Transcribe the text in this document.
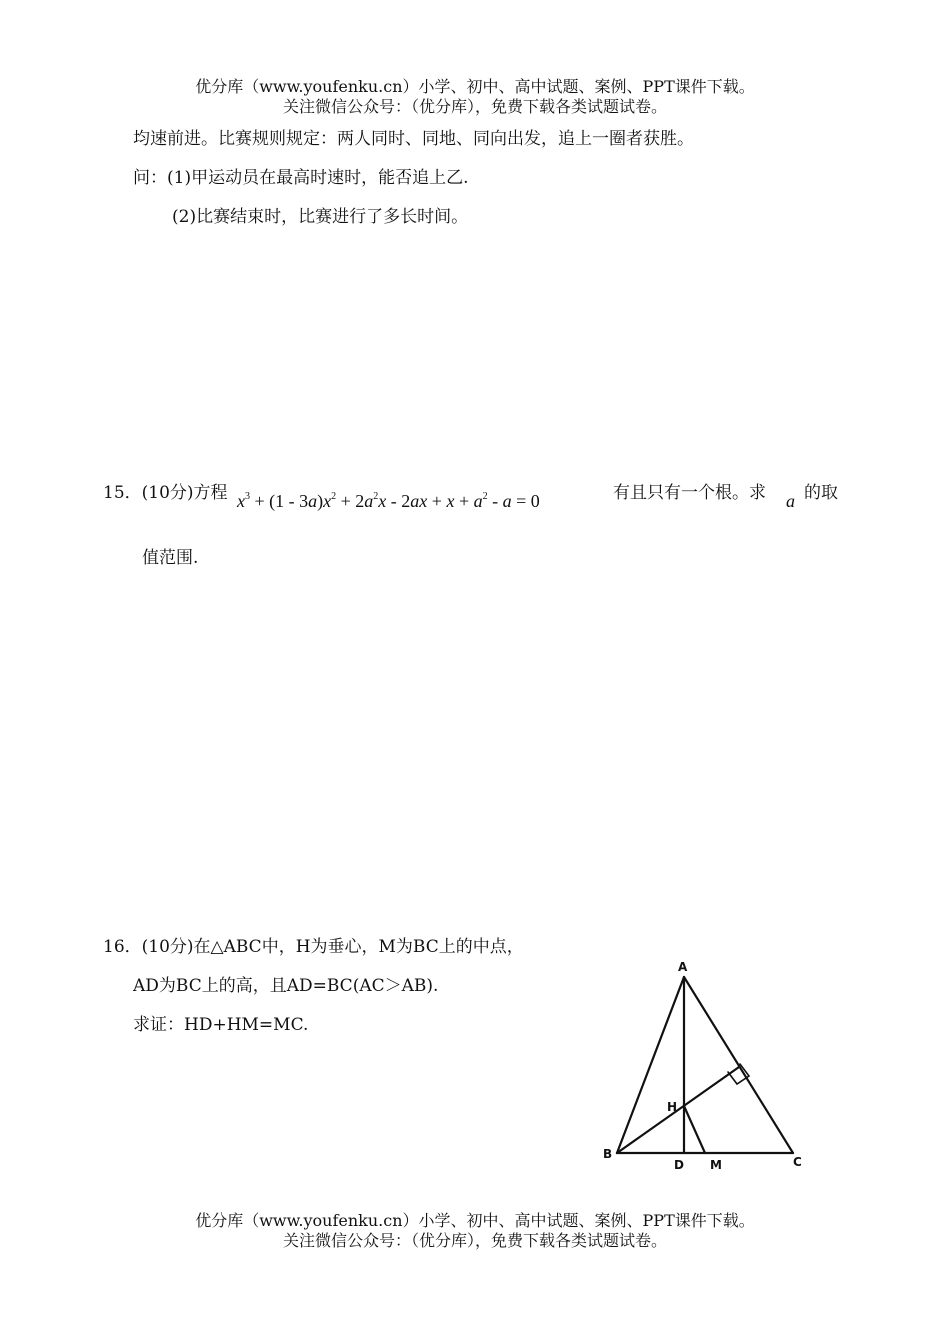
优分库（www.youfenku.cn）小学、初中、高中试题、案例、PPT课件下载。
关注微信公众号：（优分库），免费下载各类试题试卷。
均速前进。比赛规则规定：两人同时、同地、同向出发，追上一圈者获胜。
问：(1)甲运动员在最高时速时，能否追上乙.
(2)比赛结束时，比赛进行了多长时间。
15．(10分)方程 $x^3 + (1 - 3a)x^2 + 2a^2x - 2ax + x + a^2 - a = 0$	有且只有一个根。求 a 的取
值范围.
16．(10分)在△ABC中，H为垂心，M为BC上的中点，
AD为BC上的高，且AD=BC(AC＞AB).
求证：HD+HM=MC.
A
B
C
D
H
M
优分库（www.youfenku.cn）小学、初中、高中试题、案例、PPT课件下载。
关注微信公众号：（优分库），免费下载各类试题试卷。
